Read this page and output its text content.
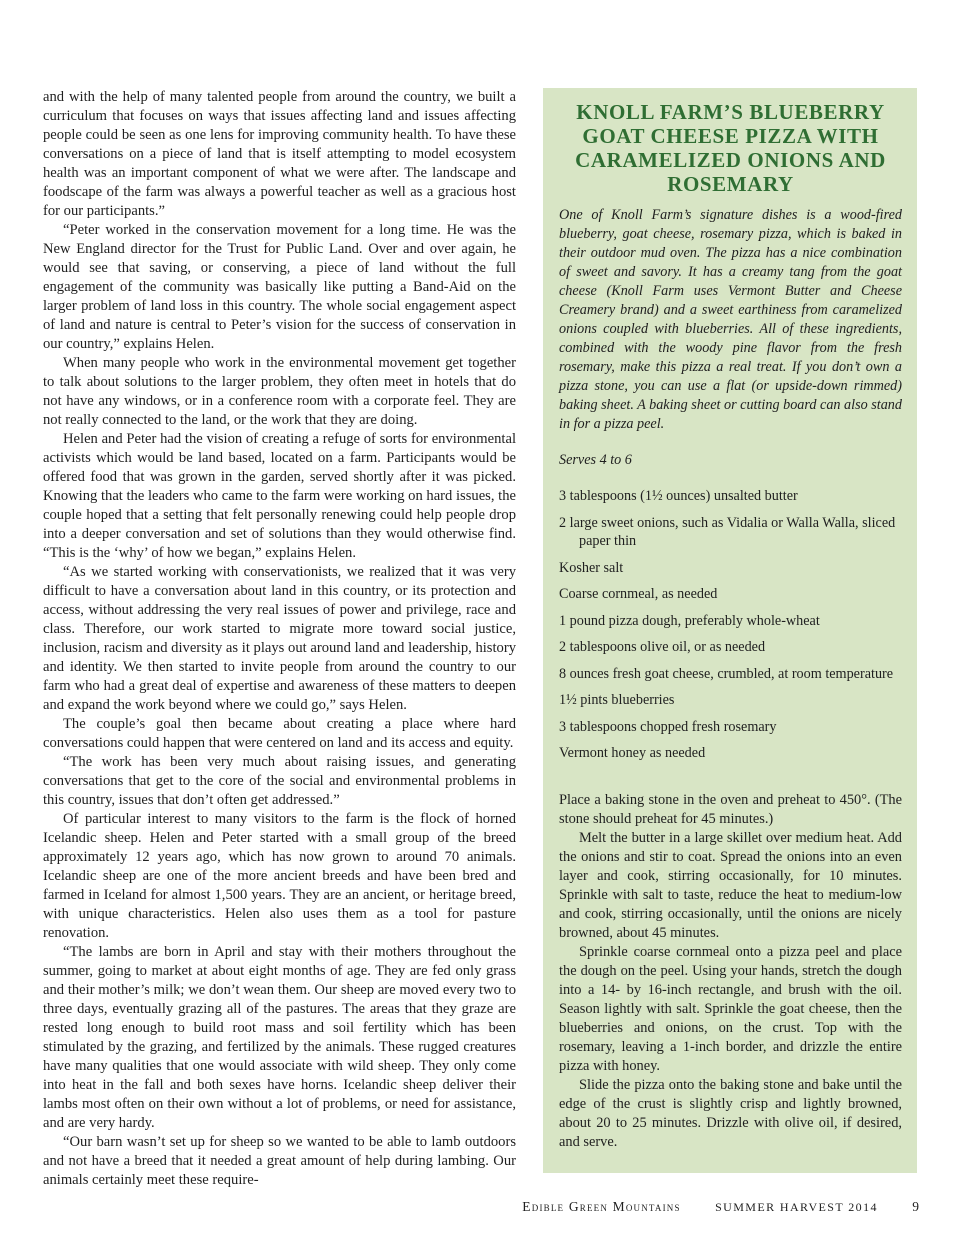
and with the help of many talented people from around the country, we built a curriculum that focuses on ways that issues affecting land and issues affecting people could be seen as one lens for improving community health. To have these conversations on a piece of land that is itself attempting to model ecosystem health was an important component of what we were after. The landscape and foodscape of the farm was always a powerful teacher as well as a gracious host for our participants.”

“Peter worked in the conservation movement for a long time. He was the New England director for the Trust for Public Land. Over and over again, he would see that saving, or conserving, a piece of land without the full engagement of the community was basically like putting a Band-Aid on the larger problem of land loss in this country. The whole social engagement aspect of land and nature is central to Peter’s vision for the success of conservation in our country,” explains Helen.

When many people who work in the environmental movement get together to talk about solutions to the larger problem, they often meet in hotels that do not have any windows, or in a conference room with a corporate feel. They are not really connected to the land, or the work that they are doing.

Helen and Peter had the vision of creating a refuge of sorts for environmental activists which would be land based, located on a farm. Participants would be offered food that was grown in the garden, served shortly after it was picked. Knowing that the leaders who came to the farm were working on hard issues, the couple hoped that a setting that felt personally renewing could help people drop into a deeper conversation and set of solutions than they would otherwise find. “This is the ‘why’ of how we began,” explains Helen.

“As we started working with conservationists, we realized that it was very difficult to have a conversation about land in this country, or its protection and access, without addressing the very real issues of power and privilege, race and class. Therefore, our work started to migrate more toward social justice, inclusion, racism and diversity as it plays out around land and leadership, history and identity. We then started to invite people from around the country to our farm who had a great deal of expertise and awareness of these matters to deepen and expand the work beyond where we could go,” says Helen.

The couple’s goal then became about creating a place where hard conversations could happen that were centered on land and its access and equity.

“The work has been very much about raising issues, and generating conversations that get to the core of the social and environmental problems in this country, issues that don’t often get addressed.”

Of particular interest to many visitors to the farm is the flock of horned Icelandic sheep. Helen and Peter started with a small group of the breed approximately 12 years ago, which has now grown to around 70 animals. Icelandic sheep are one of the more ancient breeds and have been bred and farmed in Iceland for almost 1,500 years. They are an ancient, or heritage breed, with unique characteristics. Helen also uses them as a tool for pasture renovation.

“The lambs are born in April and stay with their mothers throughout the summer, going to market at about eight months of age. They are fed only grass and their mother’s milk; we don’t wean them. Our sheep are moved every two to three days, eventually grazing all of the pastures. The areas that they graze are rested long enough to build root mass and soil fertility which has been stimulated by the grazing, and fertilized by the animals. These rugged creatures have many qualities that one would associate with wild sheep. They only come into heat in the fall and both sexes have horns. Icelandic sheep deliver their lambs most often on their own without a lot of problems, or need for assistance, and are very hardy.

“Our barn wasn’t set up for sheep so we wanted to be able to lamb outdoors and not have a breed that it needed a great amount of help during lambing. Our animals certainly meet these require-

KNOLL FARM’S BLUEBERRY GOAT CHEESE PIZZA WITH CARAMELIZED ONIONS AND ROSEMARY

One of Knoll Farm’s signature dishes is a wood-fired blueberry, goat cheese, rosemary pizza, which is baked in their outdoor mud oven. The pizza has a nice combination of sweet and savory. It has a creamy tang from the goat cheese (Knoll Farm uses Vermont Butter and Cheese Creamery brand) and a sweet earthiness from caramelized onions coupled with blueberries. All of these ingredients, combined with the woody pine flavor from the fresh rosemary, make this pizza a real treat. If you don’t own a pizza stone, you can use a flat (or upside-down rimmed) baking sheet. A baking sheet or cutting board can also stand in for a pizza peel.

Serves 4 to 6

3 tablespoons (1½ ounces) unsalted butter
2 large sweet onions, such as Vidalia or Walla Walla, sliced paper thin
Kosher salt
Coarse cornmeal, as needed
1 pound pizza dough, preferably whole-wheat
2 tablespoons olive oil, or as needed
8 ounces fresh goat cheese, crumbled, at room temperature
1½ pints blueberries
3 tablespoons chopped fresh rosemary
Vermont honey as needed

Place a baking stone in the oven and preheat to 450°. (The stone should preheat for 45 minutes.)

Melt the butter in a large skillet over medium heat. Add the onions and stir to coat. Spread the onions into an even layer and cook, stirring occasionally, for 10 minutes. Sprinkle with salt to taste, reduce the heat to medium-low and cook, stirring occasionally, until the onions are nicely browned, about 45 minutes.

Sprinkle coarse cornmeal onto a pizza peel and place the dough on the peel. Using your hands, stretch the dough into a 14- by 16-inch rectangle, and brush with the oil. Season lightly with salt. Sprinkle the goat cheese, then the blueberries and onions, on the crust. Top with the rosemary, leaving a 1-inch border, and drizzle the entire pizza with honey.

Slide the pizza onto the baking stone and bake until the edge of the crust is slightly crisp and lightly browned, about 20 to 25 minutes. Drizzle with olive oil, if desired, and serve.

Edible Green Mountains	SUMMER HARVEST 2014	9
